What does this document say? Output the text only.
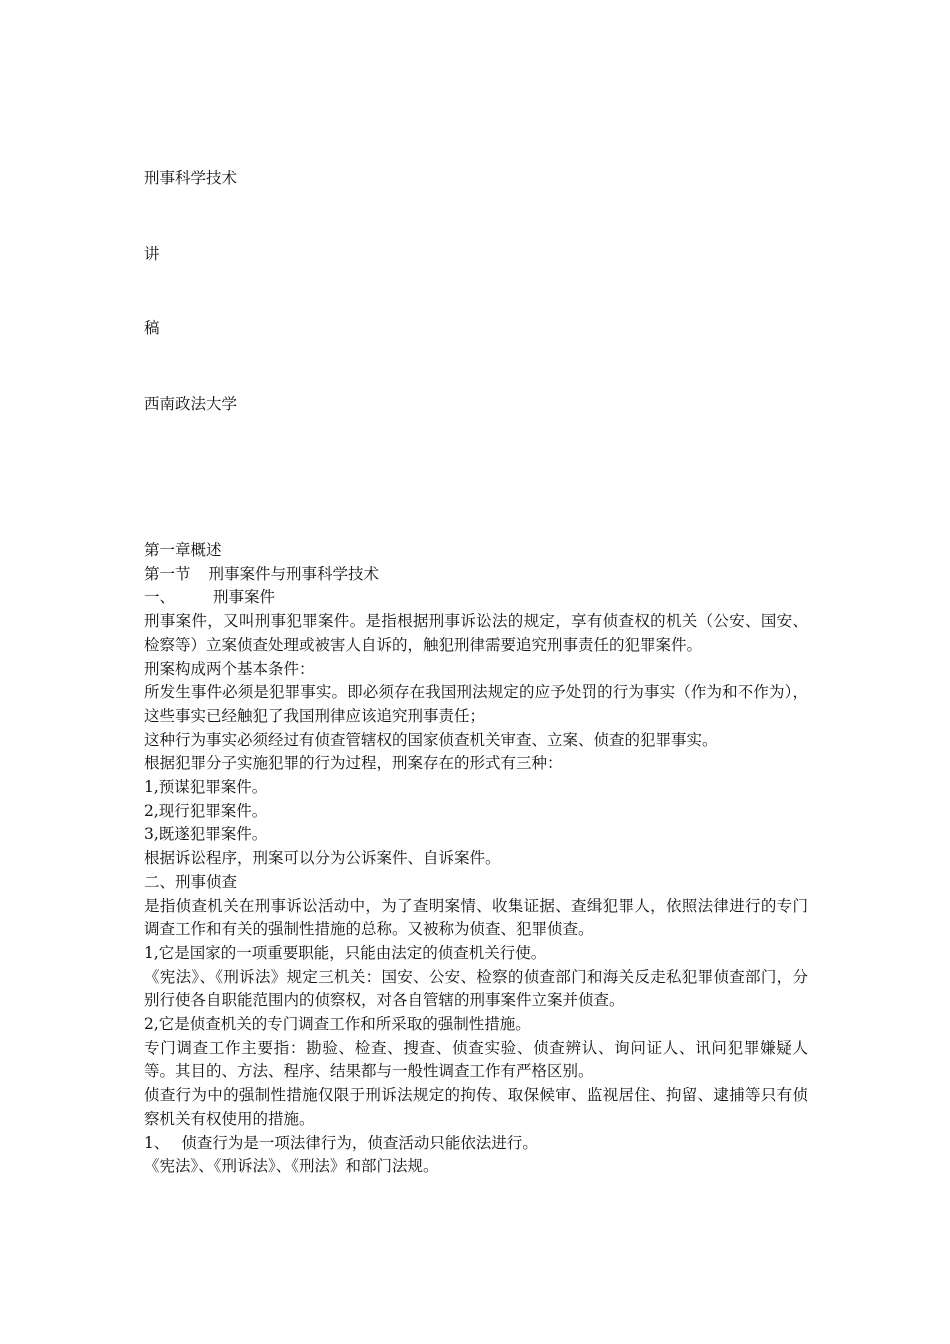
刑事科学技术
讲
稿
西南政法大学

第一章概述

第一节 刑事案件与刑事科学技术

一、 刑事案件

刑事案件，又叫刑事犯罪案件。是指根据刑事诉讼法的规定，享有侦查权的机关（公安、国安、检察等）立案侦查处理或被害人自诉的，触犯刑律需要追究刑事责任的犯罪案件。

刑案构成两个基本条件：

所发生事件必须是犯罪事实。即必须存在我国刑法规定的应予处罚的行为事实（作为和不作为），这些事实已经触犯了我国刑律应该追究刑事责任；

这种行为事实必须经过有侦查管辖权的国家侦查机关审查、立案、侦查的犯罪事实。

根据犯罪分子实施犯罪的行为过程，刑案存在的形式有三种：

1,预谋犯罪案件。

2,现行犯罪案件。

3,既遂犯罪案件。

根据诉讼程序，刑案可以分为公诉案件、自诉案件。

二、刑事侦查

是指侦查机关在刑事诉讼活动中，为了查明案情、收集证据、查缉犯罪人，依照法律进行的专门调查工作和有关的强制性措施的总称。又被称为侦查、犯罪侦查。

1,它是国家的一项重要职能，只能由法定的侦查机关行使。

《宪法》、《刑诉法》规定三机关：国安、公安、检察的侦查部门和海关反走私犯罪侦查部门，分别行使各自职能范围内的侦察权，对各自管辖的刑事案件立案并侦查。

2,它是侦查机关的专门调查工作和所采取的强制性措施。

专门调查工作主要指：勘验、检查、搜查、侦查实验、侦查辨认、询问证人、讯问犯罪嫌疑人等。其目的、方法、程序、结果都与一般性调查工作有严格区别。

侦查行为中的强制性措施仅限于刑诉法规定的拘传、取保候审、监视居住、拘留、逮捕等只有侦察机关有权使用的措施。

1、 侦查行为是一项法律行为，侦查活动只能依法进行。

《宪法》、《刑诉法》、《刑法》和部门法规。
